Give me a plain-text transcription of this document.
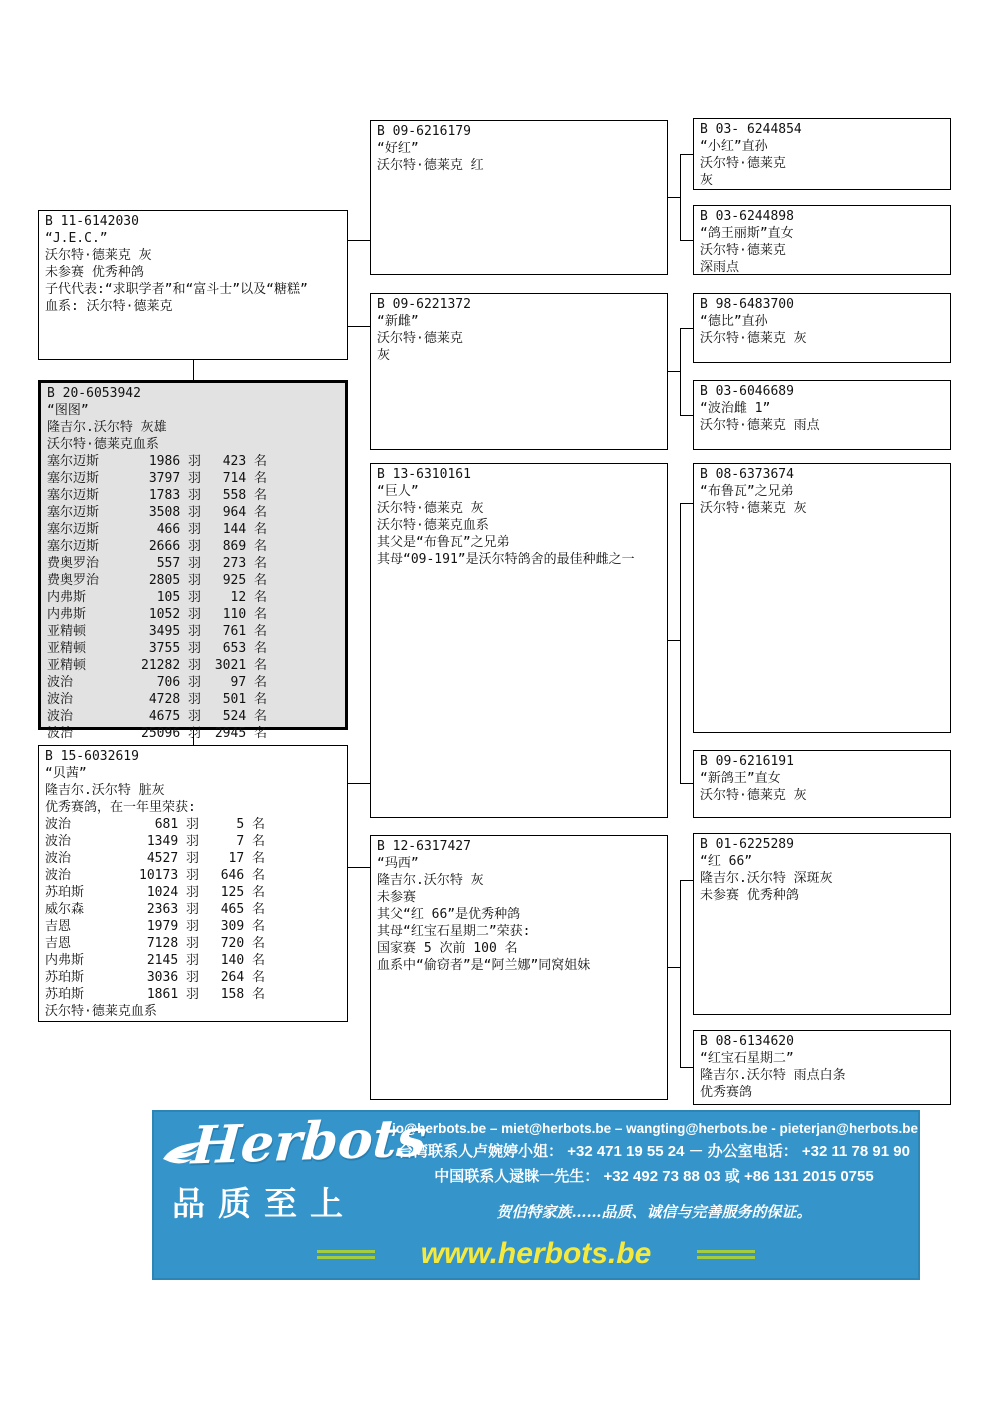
B 11-6142030
“J.E.C.”
沃尔特·德莱克 灰
未参赛 优秀种鸽
子代代表:“求职学者”和“富斗士”以及“糖糕”
血系: 沃尔特·德莱克
B 20-6053942
“图图”
隆吉尔.沃尔特 灰雄
沃尔特·德莱克血系
塞尔迈斯	1986 羽	423 名
塞尔迈斯	3797 羽	714 名
塞尔迈斯	1783 羽	558 名
塞尔迈斯	3508 羽	964 名
塞尔迈斯	466 羽	144 名
塞尔迈斯	2666 羽	869 名
费奥罗治	557 羽	273 名
费奥罗治	2805 羽	925 名
内弗斯	105 羽	12 名
内弗斯	1052 羽	110 名
亚精顿	3495 羽	761 名
亚精顿	3755 羽	653 名
亚精顿	21282 羽	3021 名
波治	706 羽	97 名
波治	4728 羽	501 名
波治	4675 羽	524 名
波治	25096 羽	2945 名
B 15-6032619
“贝茜”
隆吉尔.沃尔特 脏灰
优秀赛鸽，在一年里荣获:
波治	681 羽	5 名
波治	1349 羽	7 名
波治	4527 羽	17 名
波治	10173 羽	646 名
苏珀斯	1024 羽	125 名
威尔森	2363 羽	465 名
吉恩	1979 羽	309 名
吉恩	7128 羽	720 名
内弗斯	2145 羽	140 名
苏珀斯	3036 羽	264 名
苏珀斯	1861 羽	158 名
沃尔特·德莱克血系
B 09-6216179
“好红”
沃尔特·德莱克 红
B 09-6221372
“新雌”
沃尔特·德莱克
灰
B 13-6310161
“巨人”
沃尔特·德莱克 灰
沃尔特·德莱克血系
其父是“布鲁瓦”之兄弟
其母“09-191”是沃尔特鸽舍的最佳种雌之一
B 12-6317427
“玛西”
隆吉尔.沃尔特 灰
未参赛
其父“红 66”是优秀种鸽
其母“红宝石星期二”荣获:
国家赛 5 次前 100 名
血系中“偷窃者”是“阿兰娜”同窝姐妹
B 03- 6244854
“小红”直孙
沃尔特·德莱克
灰
B 03-6244898
“鸽王丽斯”直女
沃尔特·德莱克
深雨点
B 98-6483700
“德比”直孙
沃尔特·德莱克 灰
B 03-6046689
“波治雌 1”
沃尔特·德莱克 雨点
B 08-6373674
“布鲁瓦”之兄弟
沃尔特·德莱克 灰
B 09-6216191
“新鸽王”直女
沃尔特·德莱克 灰
B 01-6225289
“红 66”
隆吉尔.沃尔特 深斑灰
未参赛 优秀种鸽
B 08-6134620
“红宝石星期二”
隆吉尔.沃尔特 雨点白条
优秀赛鸽
Herbots
品质至上
jo@herbots.be – miet@herbots.be – wangting@herbots.be - pieterjan@herbots.be
台湾联系人卢婉婷小姐： +32 471 19 55 24 － 办公室电话： +32 11 78 91 90
中国联系人逯睐一先生： +32 492 73 88 03 或 +86 131 2015 0755
贺伯特家族……品质、诚信与完善服务的保证。
www.herbots.be
